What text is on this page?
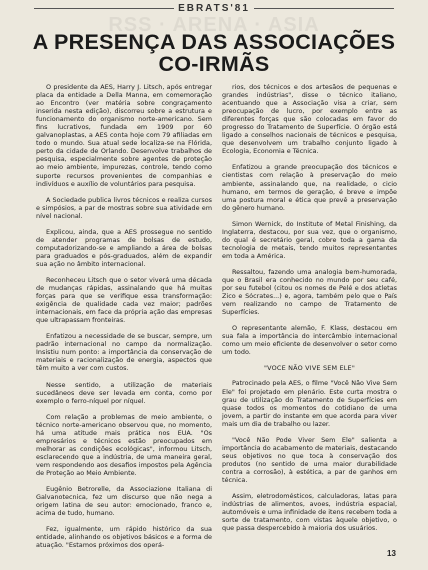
RSS · ARENA · ASIA
EBRATS'81
A PRESENÇA DAS ASSOCIAÇÕES
CO-IRMÃS

O presidente da AES, Harry J. Litsch, após entregar placa da entidade a Della Manna, em comemoração ao Encontro (ver matéria sobre congraçamento inserida nesta edição), discorreu sobre a estrutura e funcionamento do organismo norte-americano. Sem fins lucrativos, fundada em 1909 por 60 galvanoplastas, a AES conta hoje com 79 afiliadas em todo o mundo. Sua atual sede localiza-se na Flórida, perto da cidade de Orlando. Desenvolve trabalhos de pesquisa, especialmente sobre agentes de proteção ao meio ambiente, impurezas, controle, tendo como suporte recursos provenientes de companhias e indivíduos e auxílio de voluntários para pesquisa.

A Sociedade publica livros técnicos e realiza cursos e simpósios, a par de mostras sobre sua atividade em nível nacional.

Explicou, ainda, que a AES prossegue no sentido de atender programas de bolsas de estudo, computadorizando-se e ampliando a área de bolsas para graduados e pós-graduados, além de expandir sua ação no âmbito internacional.

Reconheceu Litsch que o setor viverá uma década de mudanças rápidas, assinalando que há muitas forças para que se verifique essa transformação: exigência de qualidade cada vez maior; padrões internacionais, em face da própria ação das empresas que ultrapassam fronteiras.

Enfatizou a necessidade de se buscar, sempre, um padrão internacional no campo da normalização. Insistiu num ponto: a importância da conservação de materiais e racionalização de energia, aspectos que têm muito a ver com custos.

Nesse sentido, a utilização de materiais sucedâneos deve ser levada em conta, como por exemplo o ferro-níquel por níquel.

Com relação a problemas de meio ambiente, o técnico norte-americano observou que, no momento, há uma atitude mais prática nos EUA. "Os empresários e técnicos estão preocupados em melhorar as condições ecológicas", informou Litsch, esclarecendo que a indústria, de uma maneira geral, vem respondendo aos desafios impostos pela Agência de Proteção ao Meio Ambiente.

Eugênio Betrorelle, da Associazione Italiana di Galvanotecnica, fez um discurso que não nega a origem latina de seu autor: emocionado, franco e, acima de tudo, humano.

Fez, igualmente, um rápido histórico da sua entidade, alinhando os objetivos básicos e a forma de atuação. "Estamos próximos dos operá-

rios, dos técnicos e dos artesãos de pequenas e grandes indústrias", disse o técnico italiano, acentuando que a Associação visa a criar, sem preocupação de lucro, por exemplo entre as diferentes forças que são colocadas em favor do progresso do Tratamento de Superfície. O órgão está ligado a conselhos nacionais de técnicos e pesquisa, que desenvolvem um trabalho conjunto ligado à Ecologia, Economia e Técnica.

Enfatizou a grande preocupação dos técnicos e cientistas com relação à preservação do meio ambiente, assinalando que, na realidade, o cicio humano, em termos de geração, é breve e impõe uma postura moral e ética que prevê a preservação do gênero humano.

Simon Wernick, do Institute of Metal Finishing, da Inglaterra, destacou, por sua vez, que o organismo, do qual é secretário geral, cobre toda a gama da tecnologia de metais, tendo muitos representantes em toda a América.

Ressaltou, fazendo uma analogia bem-humorada, que o Brasil era conhecido no mundo por seu café, por seu futebol (citou os nomes de Pelé e dos atletas Zico e Sócrates...) e, agora, também pelo que o País vem realizando no campo de Tratamento de Superfícies.

O representante alemão, F. Klass, destacou em sua fala a importância do intercâmbio internacional como um meio eficiente de desenvolver o setor como um todo.

"VOCE NÃO VIVE SEM ELE"

Patrocinado pela AES, o filme "Você Não Vive Sem Ele" foi projetado em plenário. Este curta mostra o grau de utilização do Tratamento de Superfícies em quase todos os momentos do cotidiano de uma jovem, a partir do instante em que acorda para viver mais um dia de trabalho ou lazer.

"Você Não Pode Viver Sem Ele" salienta a importância do acabamento de materiais, destacando seus objetivos no que toca à conservação dos produtos (no sentido de uma maior durabilidade contra a corrosão), à estética, a par de ganhos em técnica.

Assim, eletrodomésticos, calculadoras, latas para indústrias de alimentos, avoes, indústria espacial, automóveis e uma infinidade de itens recebem toda a sorte de tratamento, com vistas àquele objetivo, o que passa despercebido à maioria dos usuários.

13
